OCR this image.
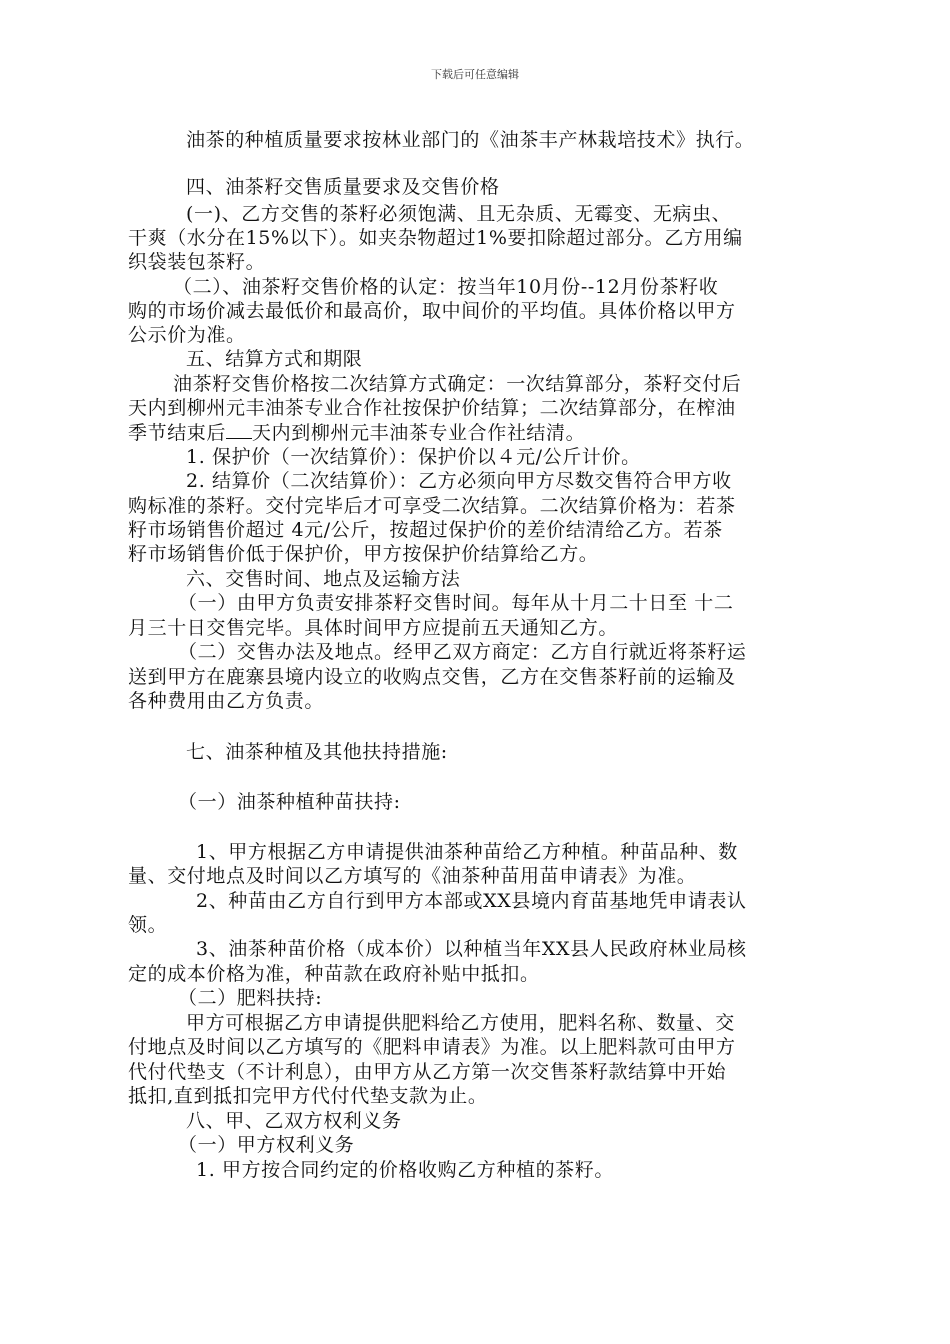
下载后可任意编辑
油茶的种植质量要求按林业部门的《油茶丰产林栽培技术》执行。
四、油茶籽交售质量要求及交售价格
(一)、乙方交售的茶籽必须饱满、且无杂质、无霉变、无病虫、
干爽（水分在15%以下）。如夹杂物超过1%要扣除超过部分。乙方用编
织袋装包茶籽。
（二）、油茶籽交售价格的认定：按当年10月份--12月份茶籽收
购的市场价减去最低价和最高价，取中间价的平均值。具体价格以甲方
公示价为准。
五、结算方式和期限
油茶籽交售价格按二次结算方式确定：一次结算部分，茶籽交付后
天内到柳州元丰油茶专业合作社按保护价结算；二次结算部分，在榨油
季节结束后 天内到柳州元丰油茶专业合作社结清。
1. 保护价（一次结算价）：保护价以４元/公斤计价。
2. 结算价（二次结算价）：乙方必须向甲方尽数交售符合甲方收
购标准的茶籽。交付完毕后才可享受二次结算。二次结算价格为：若茶
籽市场销售价超过 4元/公斤，按超过保护价的差价结清给乙方。若茶
籽市场销售价低于保护价，甲方按保护价结算给乙方。
六、交售时间、地点及运输方法
（一）由甲方负责安排茶籽交售时间。每年从十月二十日至 十二
月三十日交售完毕。具体时间甲方应提前五天通知乙方。
（二）交售办法及地点。经甲乙双方商定：乙方自行就近将茶籽运
送到甲方在鹿寨县境内设立的收购点交售，乙方在交售茶籽前的运输及
各种费用由乙方负责。
七、油茶种植及其他扶持措施:
（一）油茶种植种苗扶持:
1、甲方根据乙方申请提供油茶种苗给乙方种植。种苗品种、数
量、交付地点及时间以乙方填写的《油茶种苗用苗申请表》为准。
2、种苗由乙方自行到甲方本部或XX县境内育苗基地凭申请表认
领。
3、油茶种苗价格（成本价）以种植当年XX县人民政府林业局核
定的成本价格为准，种苗款在政府补贴中抵扣。
（二）肥料扶持:
甲方可根据乙方申请提供肥料给乙方使用，肥料名称、数量、交
付地点及时间以乙方填写的《肥料申请表》为准。以上肥料款可由甲方
代付代垫支（不计利息），由甲方从乙方第一次交售茶籽款结算中开始
抵扣,直到抵扣完甲方代付代垫支款为止。
八、甲、乙双方权利义务
（一）甲方权利义务
1. 甲方按合同约定的价格收购乙方种植的茶籽。
